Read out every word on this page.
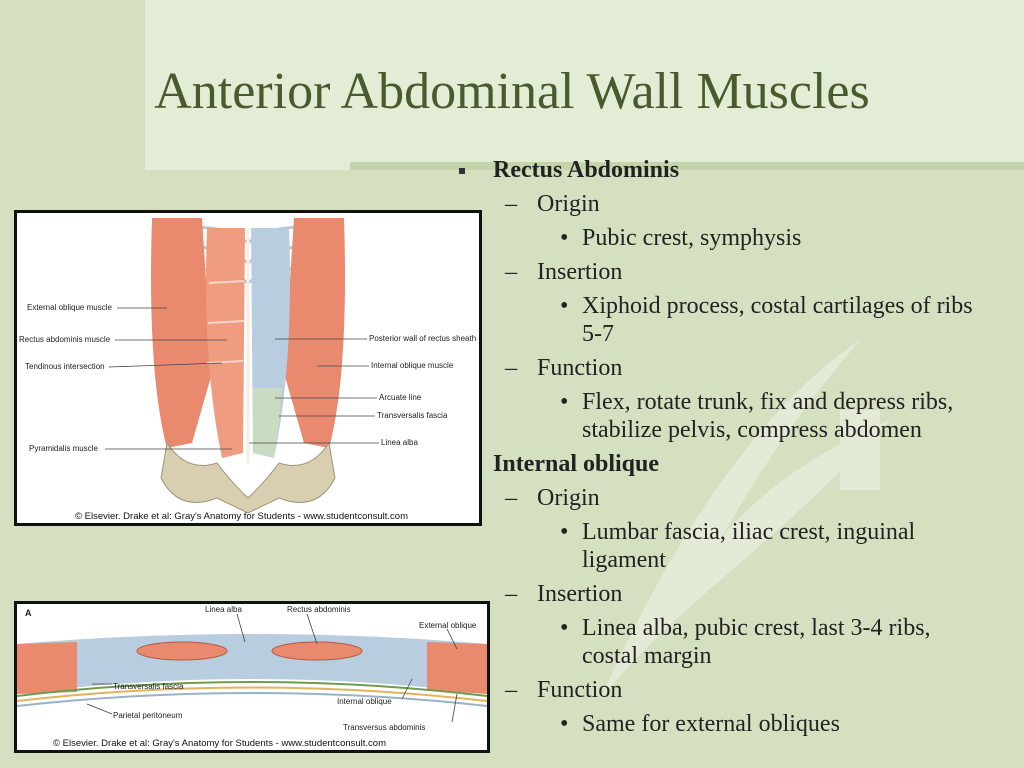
Anterior Abdominal Wall Muscles
External oblique muscle
Rectus abdominis muscle
Tendinous intersection
Pyramidalis muscle
Posterior wall of rectus sheath
Internal oblique muscle
Arcuate line
Transversalis fascia
Linea alba
© Elsevier. Drake et al: Gray's Anatomy for Students - www.studentconsult.com
A	Linea alba	Rectus abdominis
External oblique
Transversalis fascia
Parietal peritoneum
Internal oblique
Transversus abdominis
© Elsevier. Drake et al: Gray's Anatomy for Students - www.studentconsult.com
Rectus Abdominis
– Origin
• Pubic crest, symphysis
– Insertion
• Xiphoid process, costal cartilages of ribs 5-7
– Function
• Flex, rotate trunk, fix and depress ribs, stabilize pelvis, compress abdomen
Internal oblique
– Origin
• Lumbar fascia, iliac crest, inguinal ligament
– Insertion
• Linea alba, pubic crest, last 3-4 ribs, costal margin
– Function
• Same for external obliques
